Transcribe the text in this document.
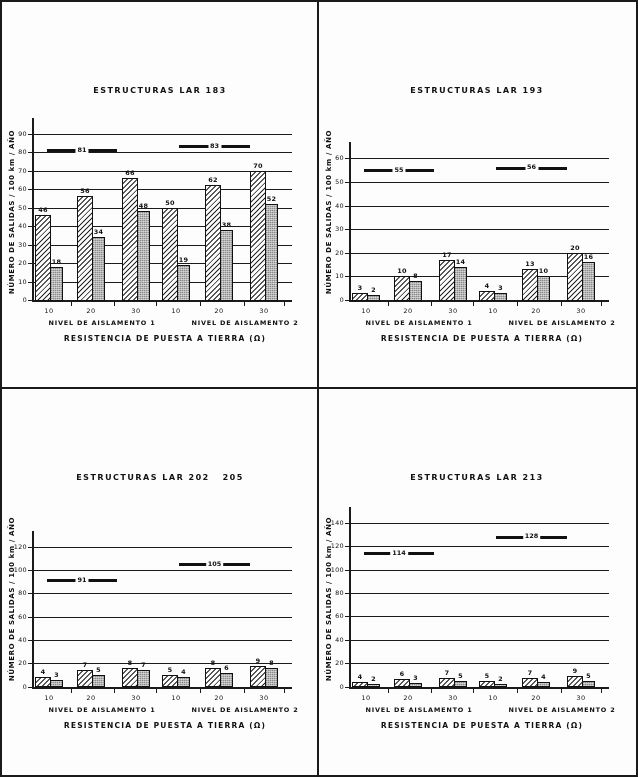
ESTRUCTURAS LAR 183
NÚMERO DE SALIDAS / 100 km / AÑO
RESISTENCIA DE PUESTA A TIERRA (Ω)
NIVEL DE AISLAMENTO 1	NIVEL DE AISLAMENTO 2
0
10
20
30
40
50
60
70
80
90
46
18
10
56
34
20
66
48
30
50
19
10
62
38
20
70
52
30
81	83
ESTRUCTURAS LAR 193
NÚMERO DE SALIDAS / 100 km / AÑO
RESISTENCIA DE PUESTA A TIERRA (Ω)
NIVEL DE AISLAMENTO 1	NIVEL DE AISLAMENTO 2
0
10
20
30
40
50
60
3 2
10
10
8
20
17
14
30
4 3
10
13
10
20
20
16
30
55	56
ESTRUCTURAS LAR 202   205
NÚMERO DE SALIDAS / 100 km / AÑO
RESISTENCIA DE PUESTA A TIERRA (Ω)
NIVEL DE AISLAMENTO 1	NIVEL DE AISLAMENTO 2
0
20
40
60
80
100
120
4 3
10
7
5
20
8 7
30
5 4
10
8
6
20
9 8
30
91
105
ESTRUCTURAS LAR 213
NÚMERO DE SALIDAS / 100 km / AÑO
RESISTENCIA DE PUESTA A TIERRA (Ω)
NIVEL DE AISLAMENTO 1	NIVEL DE AISLAMENTO 2
0
20
40
60
80
100
120
140
4 2
10
6 3
20
7 5
30
5 2
10
7 4
20
9
5
30
114
128
